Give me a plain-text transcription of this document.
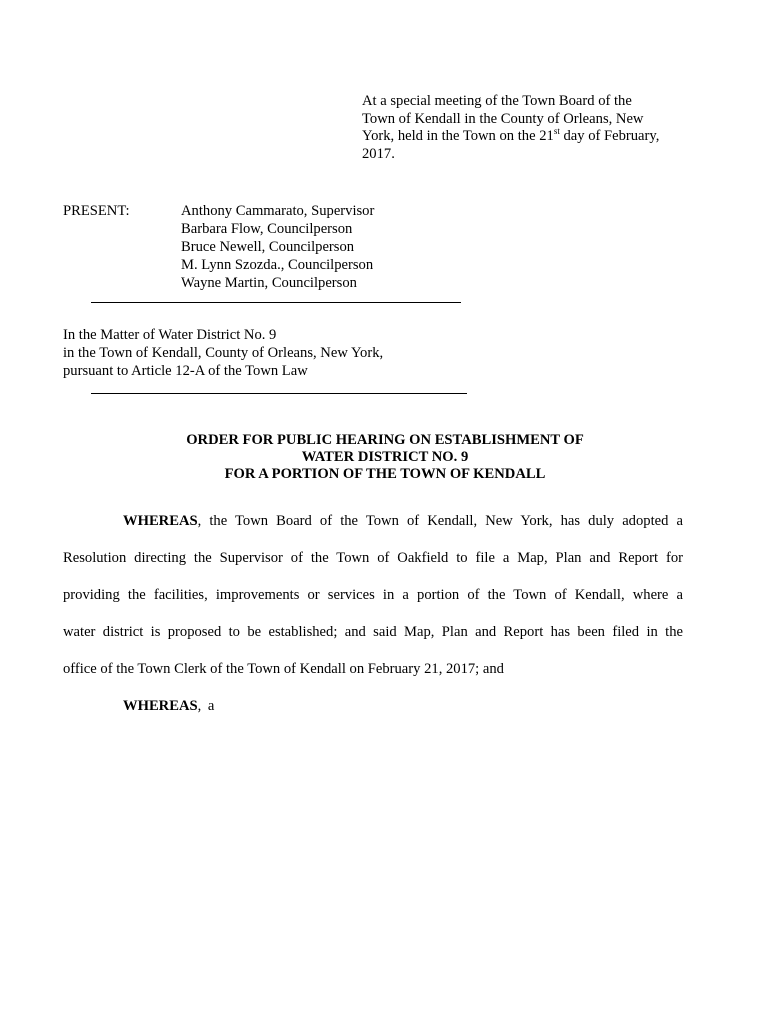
At a special meeting of the Town Board of the
Town of Kendall in the County of Orleans, New
York, held in the Town on the 21st day of February,
2017.
PRESENT:	Anthony Cammarato, Supervisor
Barbara Flow, Councilperson
Bruce Newell, Councilperson
M. Lynn Szozda., Councilperson
Wayne Martin, Councilperson
In the Matter of Water District No. 9
in the Town of Kendall, County of Orleans, New York,
pursuant to Article 12-A of the Town Law
ORDER FOR PUBLIC HEARING ON ESTABLISHMENT OF
WATER DISTRICT NO. 9
FOR A PORTION OF THE TOWN OF KENDALL
WHEREAS, the Town Board of the Town of Kendall, New York, has duly adopted a
Resolution directing the Supervisor of the Town of Oakfield to file a Map, Plan and Report for
providing the facilities, improvements or services in a portion of the Town of Kendall, where a
water district is proposed to be established; and said Map, Plan and Report has been filed in the
office of the Town Clerk of the Town of Kendall on February 21, 2017; and
WHEREAS, a
